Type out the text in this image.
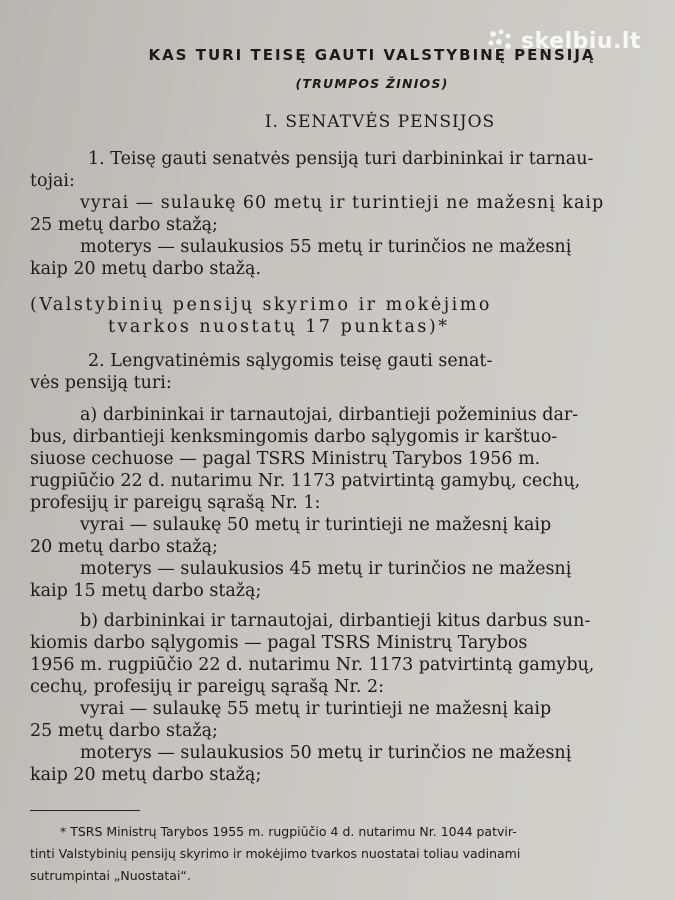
skelbiu.lt
KAS TURI TEISĘ GAUTI VALSTYBINĘ PENSIJĄ
(TRUMPOS ŽINIOS)
I. SENATVĖS PENSIJOS
1. Teisę gauti senatvės pensiją turi darbininkai ir tarnau-
tojai:
vyrai — sulaukę 60 metų ir turintieji ne mažesnį kaip
25 metų darbo stažą;
moterys — sulaukusios 55 metų ir turinčios ne mažesnį
kaip 20 metų darbo stažą.
(Valstybinių pensijų skyrimo ir mokėjimo
tvarkos nuostatų 17 punktas)*
2. Lengvatinėmis sąlygomis teisę gauti senat-
vės pensiją turi:
a) darbininkai ir tarnautojai, dirbantieji požeminius dar-
bus, dirbantieji kenksmingomis darbo sąlygomis ir karštuo-
siuose cechuose — pagal TSRS Ministrų Tarybos 1956 m.
rugpiūčio 22 d. nutarimu Nr. 1173 patvirtintą gamybų, cechų,
profesijų ir pareigų sąrašą Nr. 1:
vyrai — sulaukę 50 metų ir turintieji ne mažesnį kaip
20 metų darbo stažą;
moterys — sulaukusios 45 metų ir turinčios ne mažesnį
kaip 15 metų darbo stažą;
b) darbininkai ir tarnautojai, dirbantieji kitus darbus sun-
kiomis darbo sąlygomis — pagal TSRS Ministrų Tarybos
1956 m. rugpiūčio 22 d. nutarimu Nr. 1173 patvirtintą gamybų,
cechų, profesijų ir pareigų sąrašą Nr. 2:
vyrai — sulaukę 55 metų ir turintieji ne mažesnį kaip
25 metų darbo stažą;
moterys — sulaukusios 50 metų ir turinčios ne mažesnį
kaip 20 metų darbo stažą;
* TSRS Ministrų Tarybos 1955 m. rugpiūčio 4 d. nutarimu Nr. 1044 patvir-
tinti Valstybinių pensijų skyrimo ir mokėjimo tvarkos nuostatai toliau vadinami
sutrumpintai „Nuostatai“.
